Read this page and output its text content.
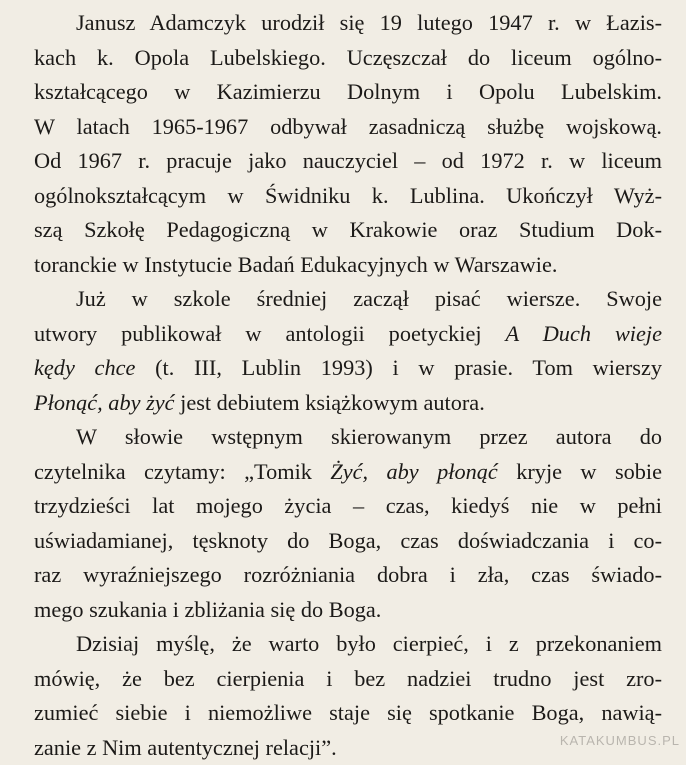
Janusz Adamczyk urodził się 19 lutego 1947 r. w Łazis-
kach k. Opola Lubelskiego. Uczęszczał do liceum ogólno-
kształcącego w Kazimierzu Dolnym i Opolu Lubelskim.
W latach 1965-1967 odbywał zasadniczą służbę wojskową.
Od 1967 r. pracuje jako nauczyciel – od 1972 r. w liceum
ogólnokształcącym w Świdniku k. Lublina. Ukończył Wyż-
szą Szkołę Pedagogiczną w Krakowie oraz Studium Dok-
toranckie w Instytucie Badań Edukacyjnych w Warszawie.
Już w szkole średniej zaczął pisać wiersze. Swoje
utwory publikował w antologii poetyckiej A Duch wieje
kędy chce (t. III, Lublin 1993) i w prasie. Tom wierszy
Płonąć, aby żyć jest debiutem książkowym autora.
W słowie wstępnym skierowanym przez autora do
czytelnika czytamy: „Tomik Żyć, aby płonąć kryje w sobie
trzydzieści lat mojego życia – czas, kiedyś nie w pełni
uświadamianej, tęsknoty do Boga, czas doświadczania i co-
raz wyraźniejszego rozróżniania dobra i zła, czas świado-
mego szukania i zbliżania się do Boga.
Dzisiaj myślę, że warto było cierpieć, i z przekonaniem
mówię, że bez cierpienia i bez nadziei trudno jest zro-
zumieć siebie i niemożliwe staje się spotkanie Boga, nawią-
zanie z Nim autentycznej relacji”.	KATAKUMBUS.PL
